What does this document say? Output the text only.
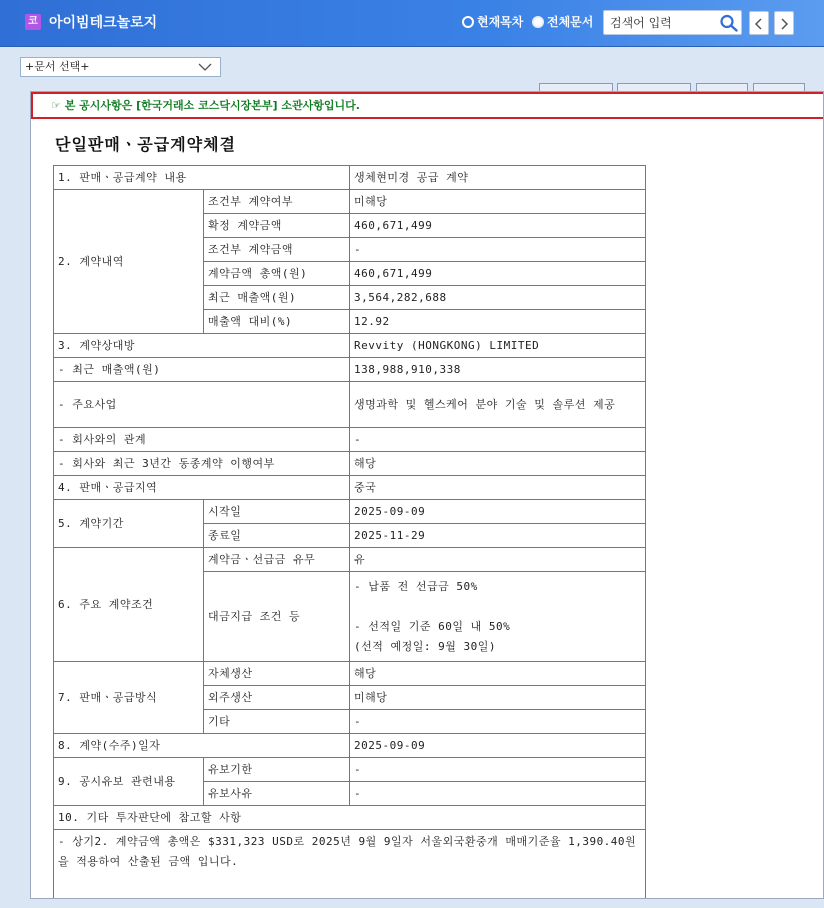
코 아이빔테크놀로지	현재목차 전체문서
검색어 입력
+문서 선택+
☞ 본 공시사항은 [한국거래소 코스닥시장본부] 소관사항입니다.
단일판매ㆍ공급계약체결
1. 판매ㆍ공급계약 내용		생체현미경 공급 계약
2. 계약내역	조건부 계약여부	미해당
	확정 계약금액	460,671,499
	조건부 계약금액	-
	계약금액 총액(원)	460,671,499
	최근 매출액(원)	3,564,282,688
	매출액 대비(%)	12.92
3. 계약상대방		Revvity (HONGKONG) LIMITED
- 최근 매출액(원)		138,988,910,338
- 주요사업		생명과학 및 헬스케어 분야 기술 및 솔루션 제공
- 회사와의 관계		-
- 회사와 최근 3년간 동종계약 이행여부		해당
4. 판매ㆍ공급지역		중국
5. 계약기간	시작일	2025-09-09
	종료일	2025-11-29
6. 주요 계약조건	계약금ㆍ선급금 유무	유
	대금지급 조건 등	- 납품 전 선급금 50%

- 선적일 기준 60일 내 50%
(선적 예정일: 9월 30일)
7. 판매ㆍ공급방식	자체생산	해당
	외주생산	미해당
	기타	-
8. 계약(수주)일자		2025-09-09
9. 공시유보 관련내용	유보기한	-
	유보사유	-
10. 기타 투자판단에 참고할 사항		
- 상기2. 계약금액 총액은 $331,323 USD로 2025년 9월 9일자 서울외국환중개 매매기준율 1,390.40원을 적용하여 산출된 금액 입니다.		
